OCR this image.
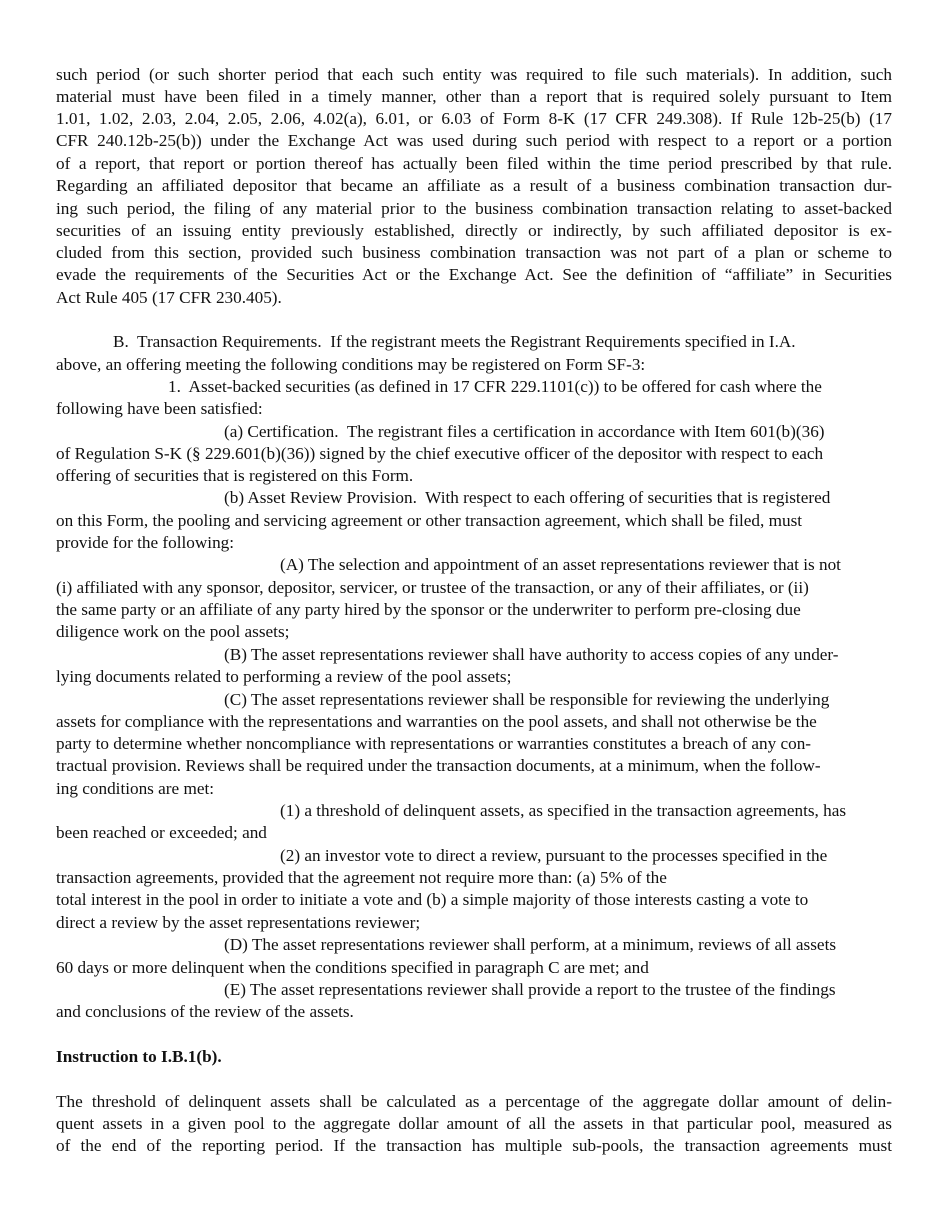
such period (or such shorter period that each such entity was required to file such materials). In addition, such
material must have been filed in a timely manner, other than a report that is required solely pursuant to Item
1.01, 1.02, 2.03, 2.04, 2.05, 2.06, 4.02(a), 6.01, or 6.03 of Form 8-K (17 CFR 249.308). If Rule 12b-25(b) (17
CFR 240.12b-25(b)) under the Exchange Act was used during such period with respect to a report or a portion
of a report, that report or portion thereof has actually been filed within the time period prescribed by that rule.
Regarding an affiliated depositor that became an affiliate as a result of a business combination transaction dur-
ing such period, the filing of any material prior to the business combination transaction relating to asset-backed
securities of an issuing entity previously established, directly or indirectly, by such affiliated depositor is ex-
cluded from this section, provided such business combination transaction was not part of a plan or scheme to
evade the requirements of the Securities Act or the Exchange Act. See the definition of “affiliate” in Securities
Act Rule 405 (17 CFR 230.405).
B.  Transaction Requirements.  If the registrant meets the Registrant Requirements specified in I.A.
above, an offering meeting the following conditions may be registered on Form SF-3:
1.  Asset-backed securities (as defined in 17 CFR 229.1101(c)) to be offered for cash where the
following have been satisfied:
(a) Certification.  The registrant files a certification in accordance with Item 601(b)(36)
of Regulation S-K (§ 229.601(b)(36)) signed by the chief executive officer of the depositor with respect to each
offering of securities that is registered on this Form.
(b) Asset Review Provision.  With respect to each offering of securities that is registered
on this Form, the pooling and servicing agreement or other transaction agreement, which shall be filed, must
provide for the following:
(A) The selection and appointment of an asset representations reviewer that is not
(i) affiliated with any sponsor, depositor, servicer, or trustee of the transaction, or any of their affiliates, or (ii)
the same party or an affiliate of any party hired by the sponsor or the underwriter to perform pre-closing due
diligence work on the pool assets;
(B) The asset representations reviewer shall have authority to access copies of any under-
lying documents related to performing a review of the pool assets;
(C) The asset representations reviewer shall be responsible for reviewing the underlying
assets for compliance with the representations and warranties on the pool assets, and shall not otherwise be the
party to determine whether noncompliance with representations or warranties constitutes a breach of any con-
tractual provision. Reviews shall be required under the transaction documents, at a minimum, when the follow-
ing conditions are met:
(1) a threshold of delinquent assets, as specified in the transaction agreements, has
been reached or exceeded; and
(2) an investor vote to direct a review, pursuant to the processes specified in the
transaction agreements, provided that the agreement not require more than: (a) 5% of the
total interest in the pool in order to initiate a vote and (b) a simple majority of those interests casting a vote to
direct a review by the asset representations reviewer;
(D) The asset representations reviewer shall perform, at a minimum, reviews of all assets
60 days or more delinquent when the conditions specified in paragraph C are met; and
(E) The asset representations reviewer shall provide a report to the trustee of the findings
and conclusions of the review of the assets.
Instruction to I.B.1(b).
The threshold of delinquent assets shall be calculated as a percentage of the aggregate dollar amount of delin-
quent assets in a given pool to the aggregate dollar amount of all the assets in that particular pool, measured as
of the end of the reporting period. If the transaction has multiple sub-pools, the transaction agreements must
